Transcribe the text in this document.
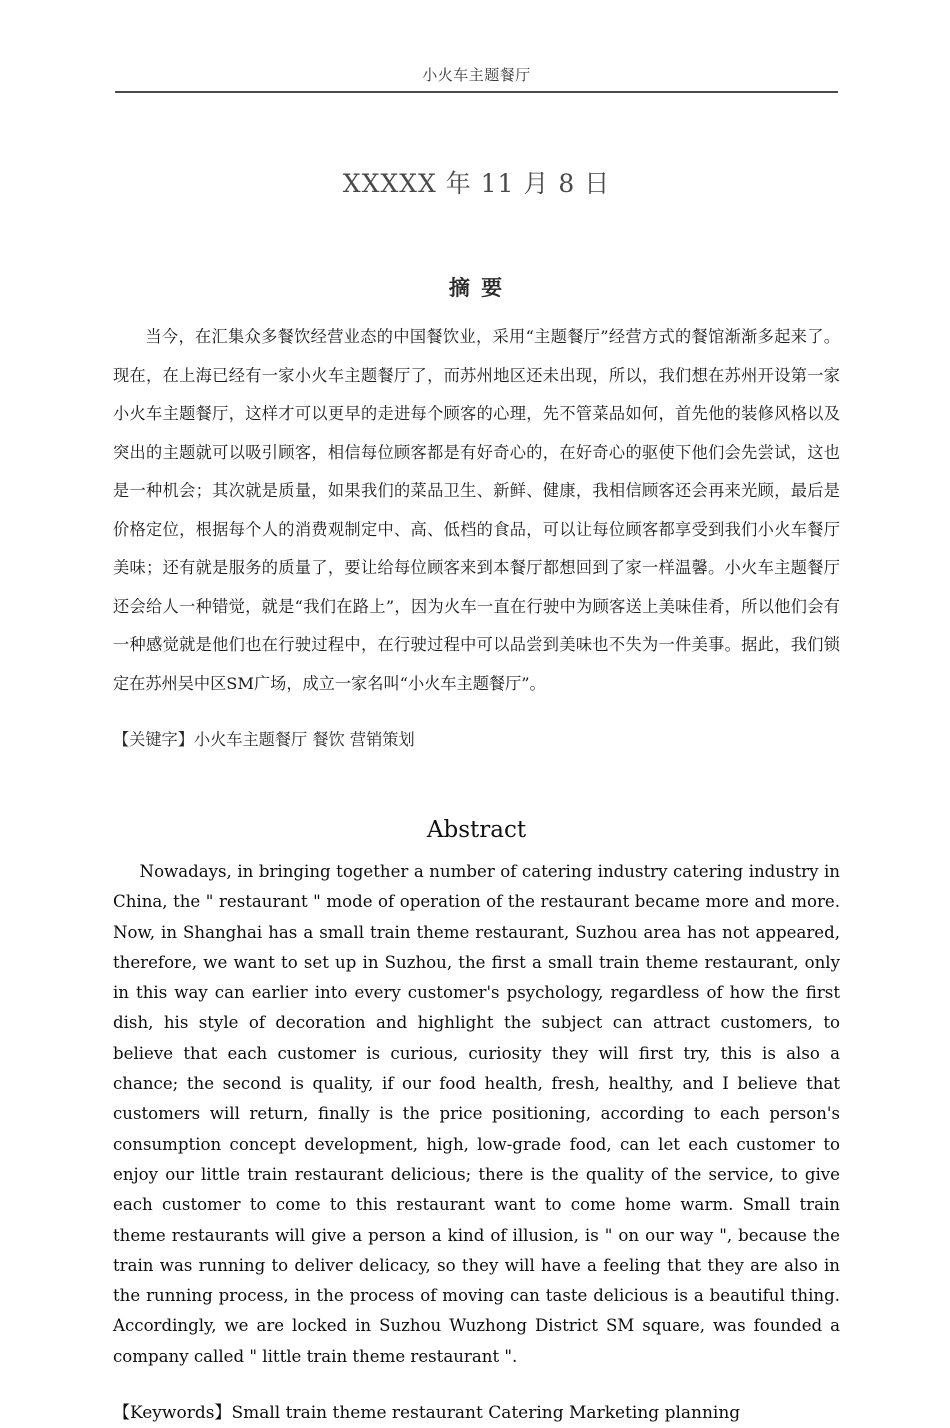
小火车主题餐厅
XXXXX 年 11 月 8 日
摘 要
当今，在汇集众多餐饮经营业态的中国餐饮业，采用“主题餐厅”经营方式的餐馆渐渐多起来了。现在，在上海已经有一家小火车主题餐厅了，而苏州地区还未出现，所以，我们想在苏州开设第一家小火车主题餐厅，这样才可以更早的走进每个顾客的心理，先不管菜品如何，首先他的装修风格以及突出的主题就可以吸引顾客，相信每位顾客都是有好奇心的，在好奇心的驱使下他们会先尝试，这也是一种机会；其次就是质量，如果我们的菜品卫生、新鲜、健康，我相信顾客还会再来光顾，最后是价格定位，根据每个人的消费观制定中、高、低档的食品，可以让每位顾客都享受到我们小火车餐厅美味；还有就是服务的质量了，要让给每位顾客来到本餐厅都想回到了家一样温馨。小火车主题餐厅还会给人一种错觉，就是“我们在路上”，因为火车一直在行驶中为顾客送上美味佳肴，所以他们会有一种感觉就是他们也在行驶过程中，在行驶过程中可以品尝到美味也不失为一件美事。据此，我们锁定在苏州吴中区SM广场，成立一家名叫“小火车主题餐厅”。
【关键字】小火车主题餐厅 餐饮 营销策划
Abstract
Nowadays, in bringing together a number of catering industry catering industry in China, the " restaurant " mode of operation of the restaurant became more and more. Now, in Shanghai has a small train theme restaurant, Suzhou area has not appeared, therefore, we want to set up in Suzhou, the first a small train theme restaurant, only in this way can earlier into every customer's psychology, regardless of how the first dish, his style of decoration and highlight the subject can attract customers, to believe that each customer is curious, curiosity they will first try, this is also a chance; the second is quality, if our food health, fresh, healthy, and I believe that customers will return, finally is the price positioning, according to each person's consumption concept development, high, low-grade food, can let each customer to enjoy our little train restaurant delicious; there is the quality of the service, to give each customer to come to this restaurant want to come home warm. Small train theme restaurants will give a person a kind of illusion, is " on our way ", because the train was running to deliver delicacy, so they will have a feeling that they are also in the running process, in the process of moving can taste delicious is a beautiful thing. Accordingly, we are locked in Suzhou Wuzhong District SM square, was founded a company called " little train theme restaurant ".
【Keywords】Small train theme restaurant Catering Marketing planning
